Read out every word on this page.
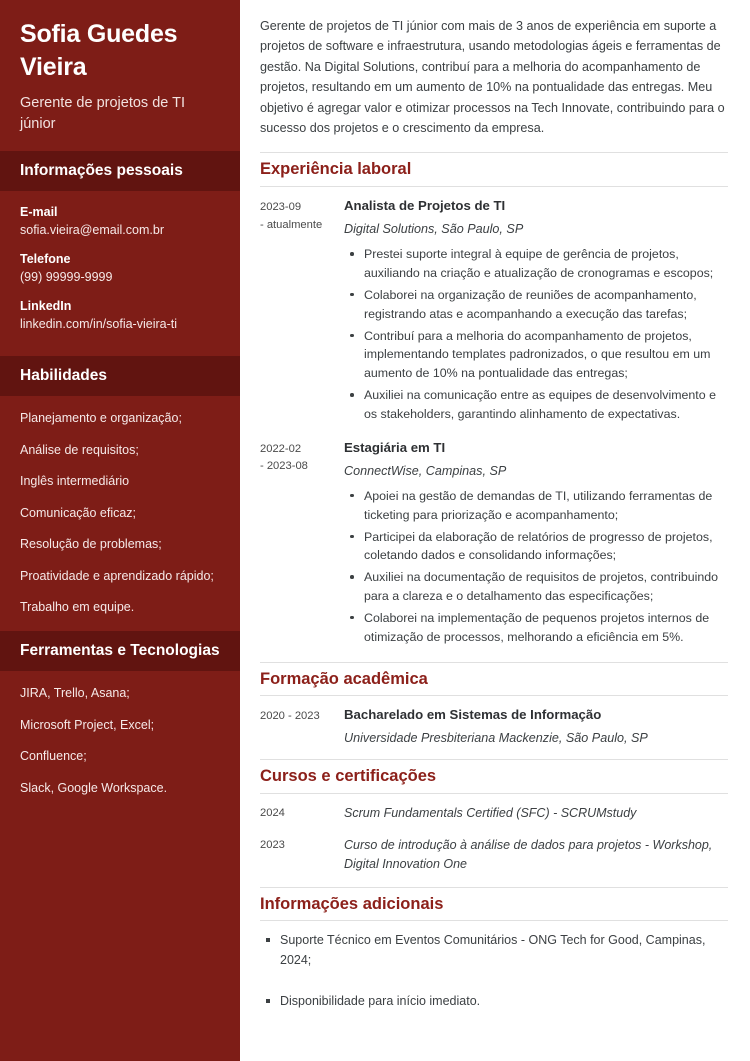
Sofia Guedes Vieira
Gerente de projetos de TI júnior
Informações pessoais
E-mail
sofia.vieira@email.com.br
Telefone
(99) 99999-9999
LinkedIn
linkedin.com/in/sofia-vieira-ti
Habilidades
Planejamento e organização;
Análise de requisitos;
Inglês intermediário
Comunicação eficaz;
Resolução de problemas;
Proatividade e aprendizado rápido;
Trabalho em equipe.
Ferramentas e Tecnologias
JIRA, Trello, Asana;
Microsoft Project, Excel;
Confluence;
Slack, Google Workspace.

Gerente de projetos de TI júnior com mais de 3 anos de experiência em suporte a projetos de software e infraestrutura, usando metodologias ágeis e ferramentas de gestão. Na Digital Solutions, contribuí para a melhoria do acompanhamento de projetos, resultando em um aumento de 10% na pontualidade das entregas. Meu objetivo é agregar valor e otimizar processos na Tech Innovate, contribuindo para o sucesso dos projetos e o crescimento da empresa.

Experiência laboral
2023-09
- atualmente
Analista de Projetos de TI
Digital Solutions, São Paulo, SP
Prestei suporte integral à equipe de gerência de projetos, auxiliando na criação e atualização de cronogramas e escopos;
Colaborei na organização de reuniões de acompanhamento, registrando atas e acompanhando a execução das tarefas;
Contribuí para a melhoria do acompanhamento de projetos, implementando templates padronizados, o que resultou em um aumento de 10% na pontualidade das entregas;
Auxiliei na comunicação entre as equipes de desenvolvimento e os stakeholders, garantindo alinhamento de expectativas.
2022-02
- 2023-08
Estagiária em TI
ConnectWise, Campinas, SP
Apoiei na gestão de demandas de TI, utilizando ferramentas de ticketing para priorização e acompanhamento;
Participei da elaboração de relatórios de progresso de projetos, coletando dados e consolidando informações;
Auxiliei na documentação de requisitos de projetos, contribuindo para a clareza e o detalhamento das especificações;
Colaborei na implementação de pequenos projetos internos de otimização de processos, melhorando a eficiência em 5%.
Formação acadêmica
2020 - 2023	Bacharelado em Sistemas de Informação
Universidade Presbiteriana Mackenzie, São Paulo, SP
Cursos e certificações
2024	Scrum Fundamentals Certified (SFC) - SCRUMstudy
2023	Curso de introdução à análise de dados para projetos - Workshop, Digital Innovation One
Informações adicionais
Suporte Técnico em Eventos Comunitários - ONG Tech for Good, Campinas, 2024;
Disponibilidade para início imediato.
